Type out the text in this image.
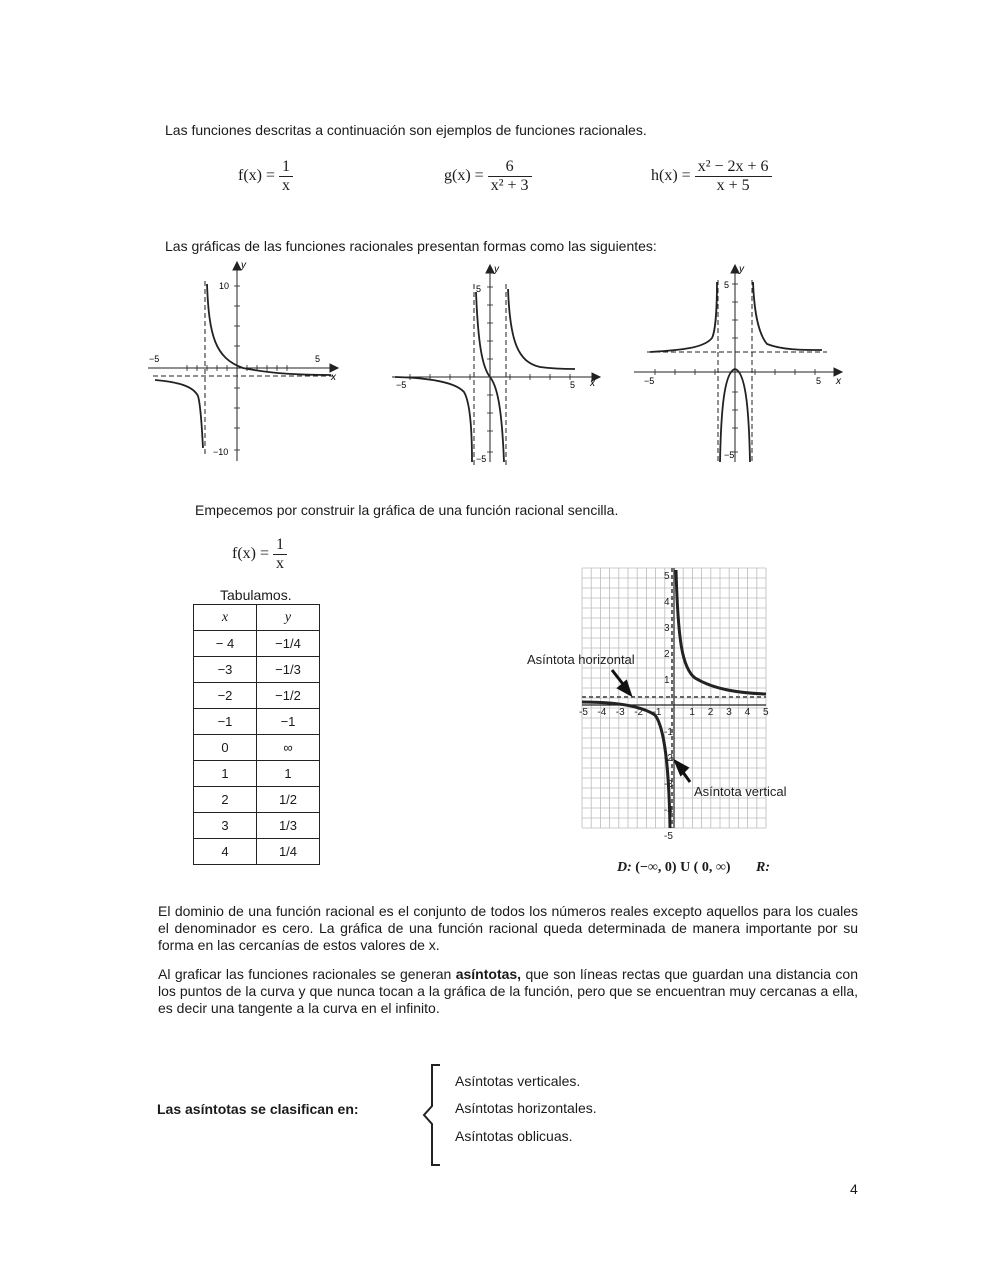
Las funciones descritas a continuación son ejemplos de funciones racionales.
$f(x) = \frac{1}{x}$	$g(x) = \frac{6}{\text{x² + 3}}$	$h(x) = \frac{\text{x² − 2x + 6}}{x + 5}$
Las gráficas de las funciones racionales presentan formas como las siguientes:
y
x
−5	5
10
−10
y
x
−5	5
5
−5
y
x
−5	5
5
−5
Empecemos por construir la gráfica de una función racional sencilla.
$f(x) = \frac{1}{x}$
Tabulamos.
x	y
− 4	−1/4
−3	−1/3
−2	−1/2
−1	−1
0	∞
1	1
2	1/2
3	1/3
4	1/4
-5 -4 -3 -2 -1	1 2 3 4 5
5
4
3
2
1
-1
-2
-3
-4
-5
Asíntota horizontal
Asíntota vertical
D: (−∞, 0) U ( 0, ∞) R:
El dominio de una función racional es el conjunto de todos los números reales excepto aquellos para los cuales el denominador es cero. La gráfica de una función racional queda determinada de manera importante por su forma en las cercanías de estos valores de x.
Al graficar las funciones racionales se generan asíntotas, que son líneas rectas que guardan una distancia con los puntos de la curva y que nunca tocan a la gráfica de la función, pero que se encuentran muy cercanas a ella, es decir una tangente a la curva en el infinito.
Las asíntotas se clasifican en:
Asíntotas verticales.
Asíntotas horizontales.
Asíntotas oblicuas.
4
